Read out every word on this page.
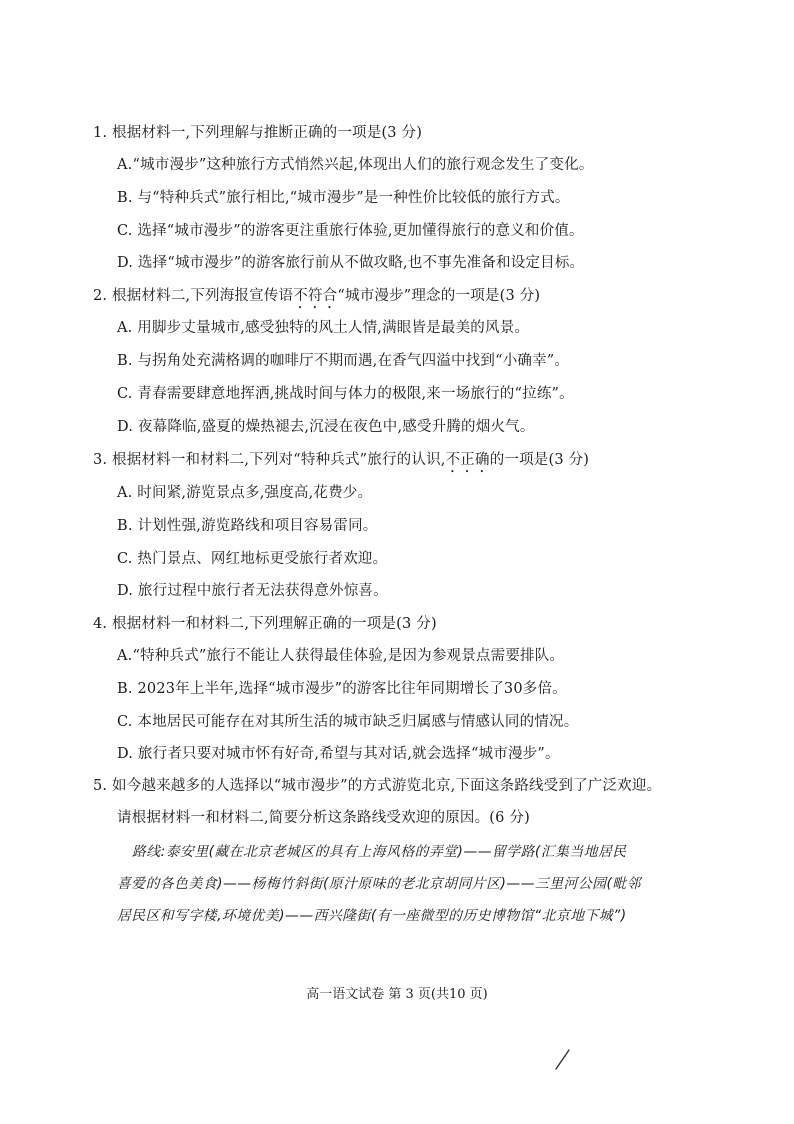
1. 根据材料一,下列理解与推断正确的一项是(3 分)
A.“城市漫步”这种旅行方式悄然兴起,体现出人们的旅行观念发生了变化。
B. 与“特种兵式”旅行相比,“城市漫步”是一种性价比较低的旅行方式。
C. 选择“城市漫步”的游客更注重旅行体验,更加懂得旅行的意义和价值。
D. 选择“城市漫步”的游客旅行前从不做攻略,也不事先准备和设定目标。
2. 根据材料二,下列海报宣传语不符合“城市漫步”理念的一项是(3 分)
A. 用脚步丈量城市,感受独特的风土人情,满眼皆是最美的风景。
B. 与拐角处充满格调的咖啡厅不期而遇,在香气四溢中找到“小确幸”。
C. 青春需要肆意地挥洒,挑战时间与体力的极限,来一场旅行的“拉练”。
D. 夜幕降临,盛夏的燥热褪去,沉浸在夜色中,感受升腾的烟火气。
3. 根据材料一和材料二,下列对“特种兵式”旅行的认识,不正确的一项是(3 分)
A. 时间紧,游览景点多,强度高,花费少。
B. 计划性强,游览路线和项目容易雷同。
C. 热门景点、网红地标更受旅行者欢迎。
D. 旅行过程中旅行者无法获得意外惊喜。
4. 根据材料一和材料二,下列理解正确的一项是(3 分)
A.“特种兵式”旅行不能让人获得最佳体验,是因为参观景点需要排队。
B. 2023年上半年,选择“城市漫步”的游客比往年同期增长了30多倍。
C. 本地居民可能存在对其所生活的城市缺乏归属感与情感认同的情况。
D. 旅行者只要对城市怀有好奇,希望与其对话,就会选择“城市漫步”。
5. 如今越来越多的人选择以“城市漫步”的方式游览北京,下面这条路线受到了广泛欢迎。
请根据材料一和材料二,简要分析这条路线受欢迎的原因。(6 分)
路线:泰安里(藏在北京老城区的具有上海风格的弄堂)——留学路(汇集当地居民
喜爱的各色美食)——杨梅竹斜街(原汁原味的老北京胡同片区)——三里河公园(毗邻
居民区和写字楼,环境优美)——西兴隆街(有一座微型的历史博物馆“北京地下城”)
高一语文试卷 第 3 页(共10 页)
